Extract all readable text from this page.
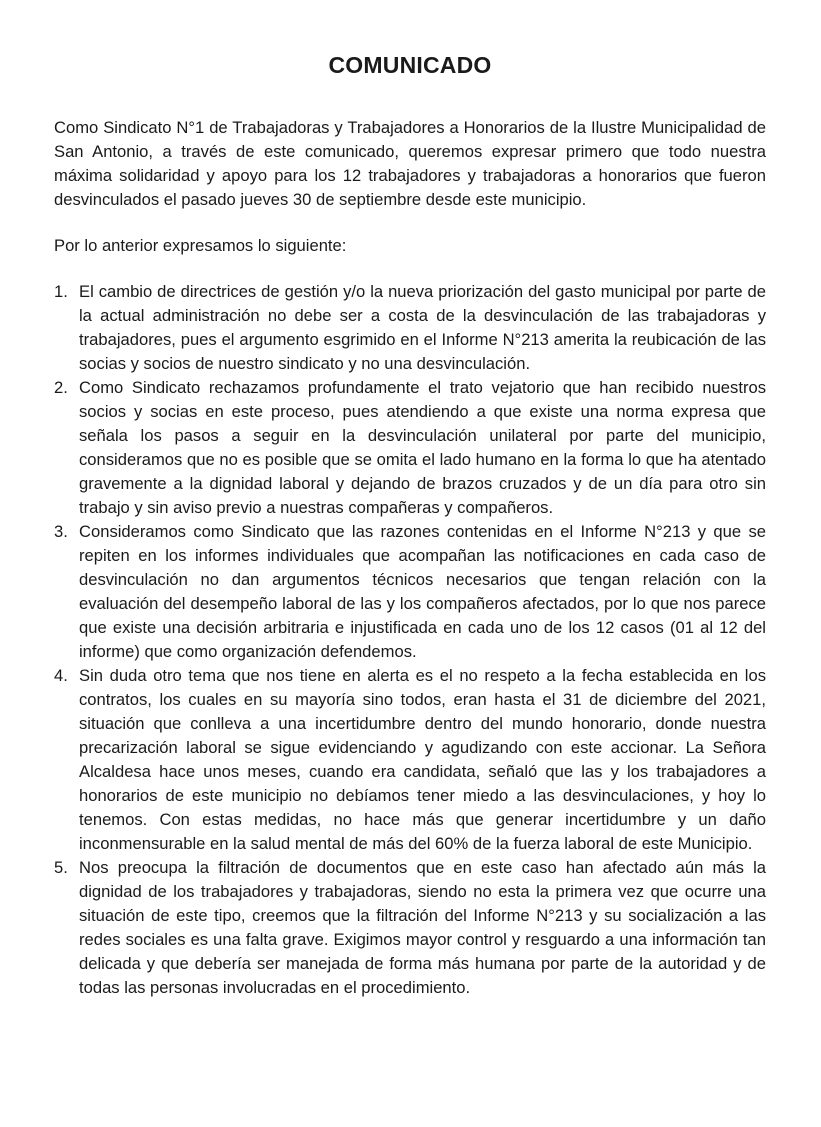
COMUNICADO

Como Sindicato N°1 de Trabajadoras y Trabajadores a Honorarios de la Ilustre Municipalidad de San Antonio, a través de este comunicado, queremos expresar primero que todo nuestra máxima solidaridad y apoyo para los 12 trabajadores y trabajadoras a honorarios que fueron desvinculados el pasado jueves 30 de septiembre desde este municipio.

Por lo anterior expresamos lo siguiente:

1. El cambio de directrices de gestión y/o la nueva priorización del gasto municipal por parte de la actual administración no debe ser a costa de la desvinculación de las trabajadoras y trabajadores, pues el argumento esgrimido en el Informe N°213 amerita la reubicación de las socias y socios de nuestro sindicato y no una desvinculación.
2. Como Sindicato rechazamos profundamente el trato vejatorio que han recibido nuestros socios y socias en este proceso, pues atendiendo a que existe una norma expresa que señala los pasos a seguir en la desvinculación unilateral por parte del municipio, consideramos que no es posible que se omita el lado humano en la forma lo que ha atentado gravemente a la dignidad laboral y dejando de brazos cruzados y de un día para otro sin trabajo y sin aviso previo a nuestras compañeras y compañeros.
3. Consideramos como Sindicato que las razones contenidas en el Informe N°213 y que se repiten en los informes individuales que acompañan las notificaciones en cada caso de desvinculación no dan argumentos técnicos necesarios que tengan relación con la evaluación del desempeño laboral de las y los compañeros afectados, por lo que nos parece que existe una decisión arbitraria e injustificada en cada uno de los 12 casos (01 al 12 del informe) que como organización defendemos.
4. Sin duda otro tema que nos tiene en alerta es el no respeto a la fecha establecida en los contratos, los cuales en su mayoría sino todos, eran hasta el 31 de diciembre del 2021, situación que conlleva a una incertidumbre dentro del mundo honorario, donde nuestra precarización laboral se sigue evidenciando y agudizando con este accionar. La Señora Alcaldesa hace unos meses, cuando era candidata, señaló que las y los trabajadores a honorarios de este municipio no debíamos tener miedo a las desvinculaciones, y hoy lo tenemos. Con estas medidas, no hace más que generar incertidumbre y un daño inconmensurable en la salud mental de más del 60% de la fuerza laboral de este Municipio.
5. Nos preocupa la filtración de documentos que en este caso han afectado aún más la dignidad de los trabajadores y trabajadoras, siendo no esta la primera vez que ocurre una situación de este tipo, creemos que la filtración del Informe N°213 y su socialización a las redes sociales es una falta grave. Exigimos mayor control y resguardo a una información tan delicada y que debería ser manejada de forma más humana por parte de la autoridad y de todas las personas involucradas en el procedimiento.
